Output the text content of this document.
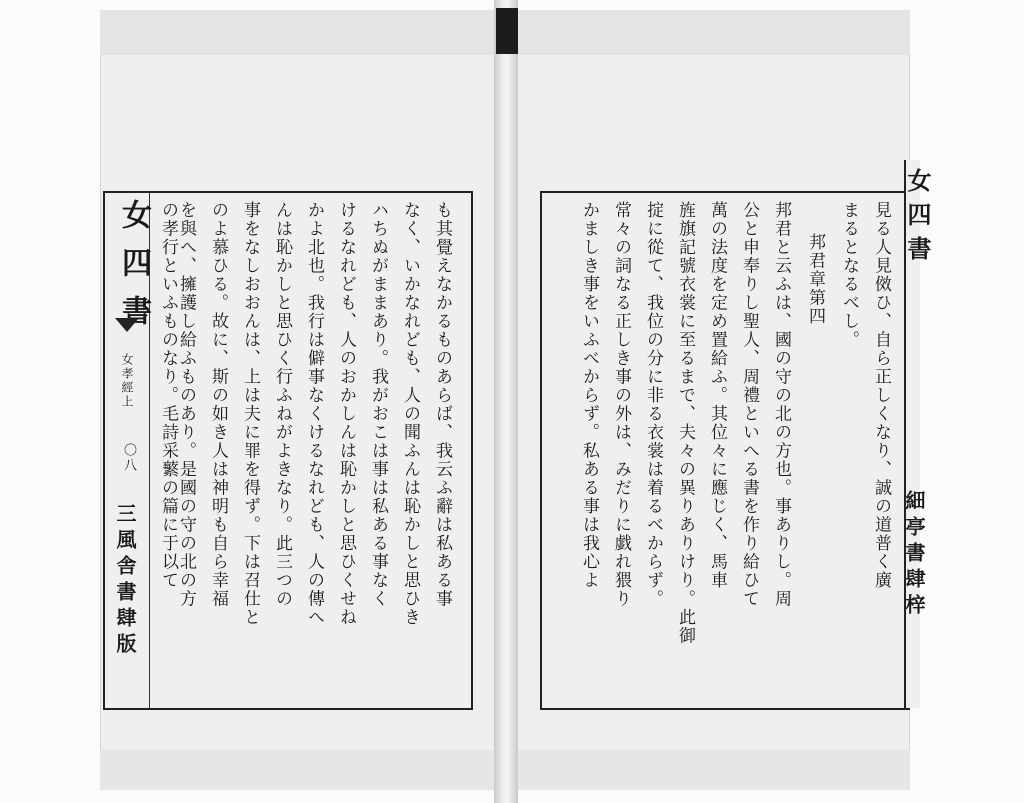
女四書
女孝經上
〇八
三風舎書肆版	も其覺えなかるものあらば、我云ふ辭は私ある事
なく、いかなれども、人の聞ふんは恥かしと思ひき
ハちぬがままあり。我がおこは事は私ある事なく
けるなれども、人のおかしんは恥かしと思ひくせね
かよ北也。我行は僻事なくけるなれども、人の傳へ
んは恥かしと思ひく行ふねがよきなり。此三つの
事をなしおおんは、上は夫に罪を得ず。下は召仕と
のよ慕ひる。故に、斯の如き人は神明も自ら幸福
を與へ、擁護し給ふものあり。是國の守の北の方
の孝行といふものなり。毛詩采蘩の篇に于以て	見る人見傚ひ、自ら正しくなり、誠の道普く廣
まるとなるべし。
邦君章第四
邦君と云ふは、國の守の北の方也。事ありし。周
公と申奉りし聖人、周禮といへる書を作り給ひて
萬の法度を定め置給ふ。其位々に應じく、馬車
旌旗記號衣裳に至るまで、夫々の異りありけり。此御
掟に從て、我位の分に非る衣裳は着るべからず。
常々の詞なる正しき事の外は、みだりに戯れ猥り
かましき事をいふべからず。私ある事は我心よ	女四書
細亭書肆梓
